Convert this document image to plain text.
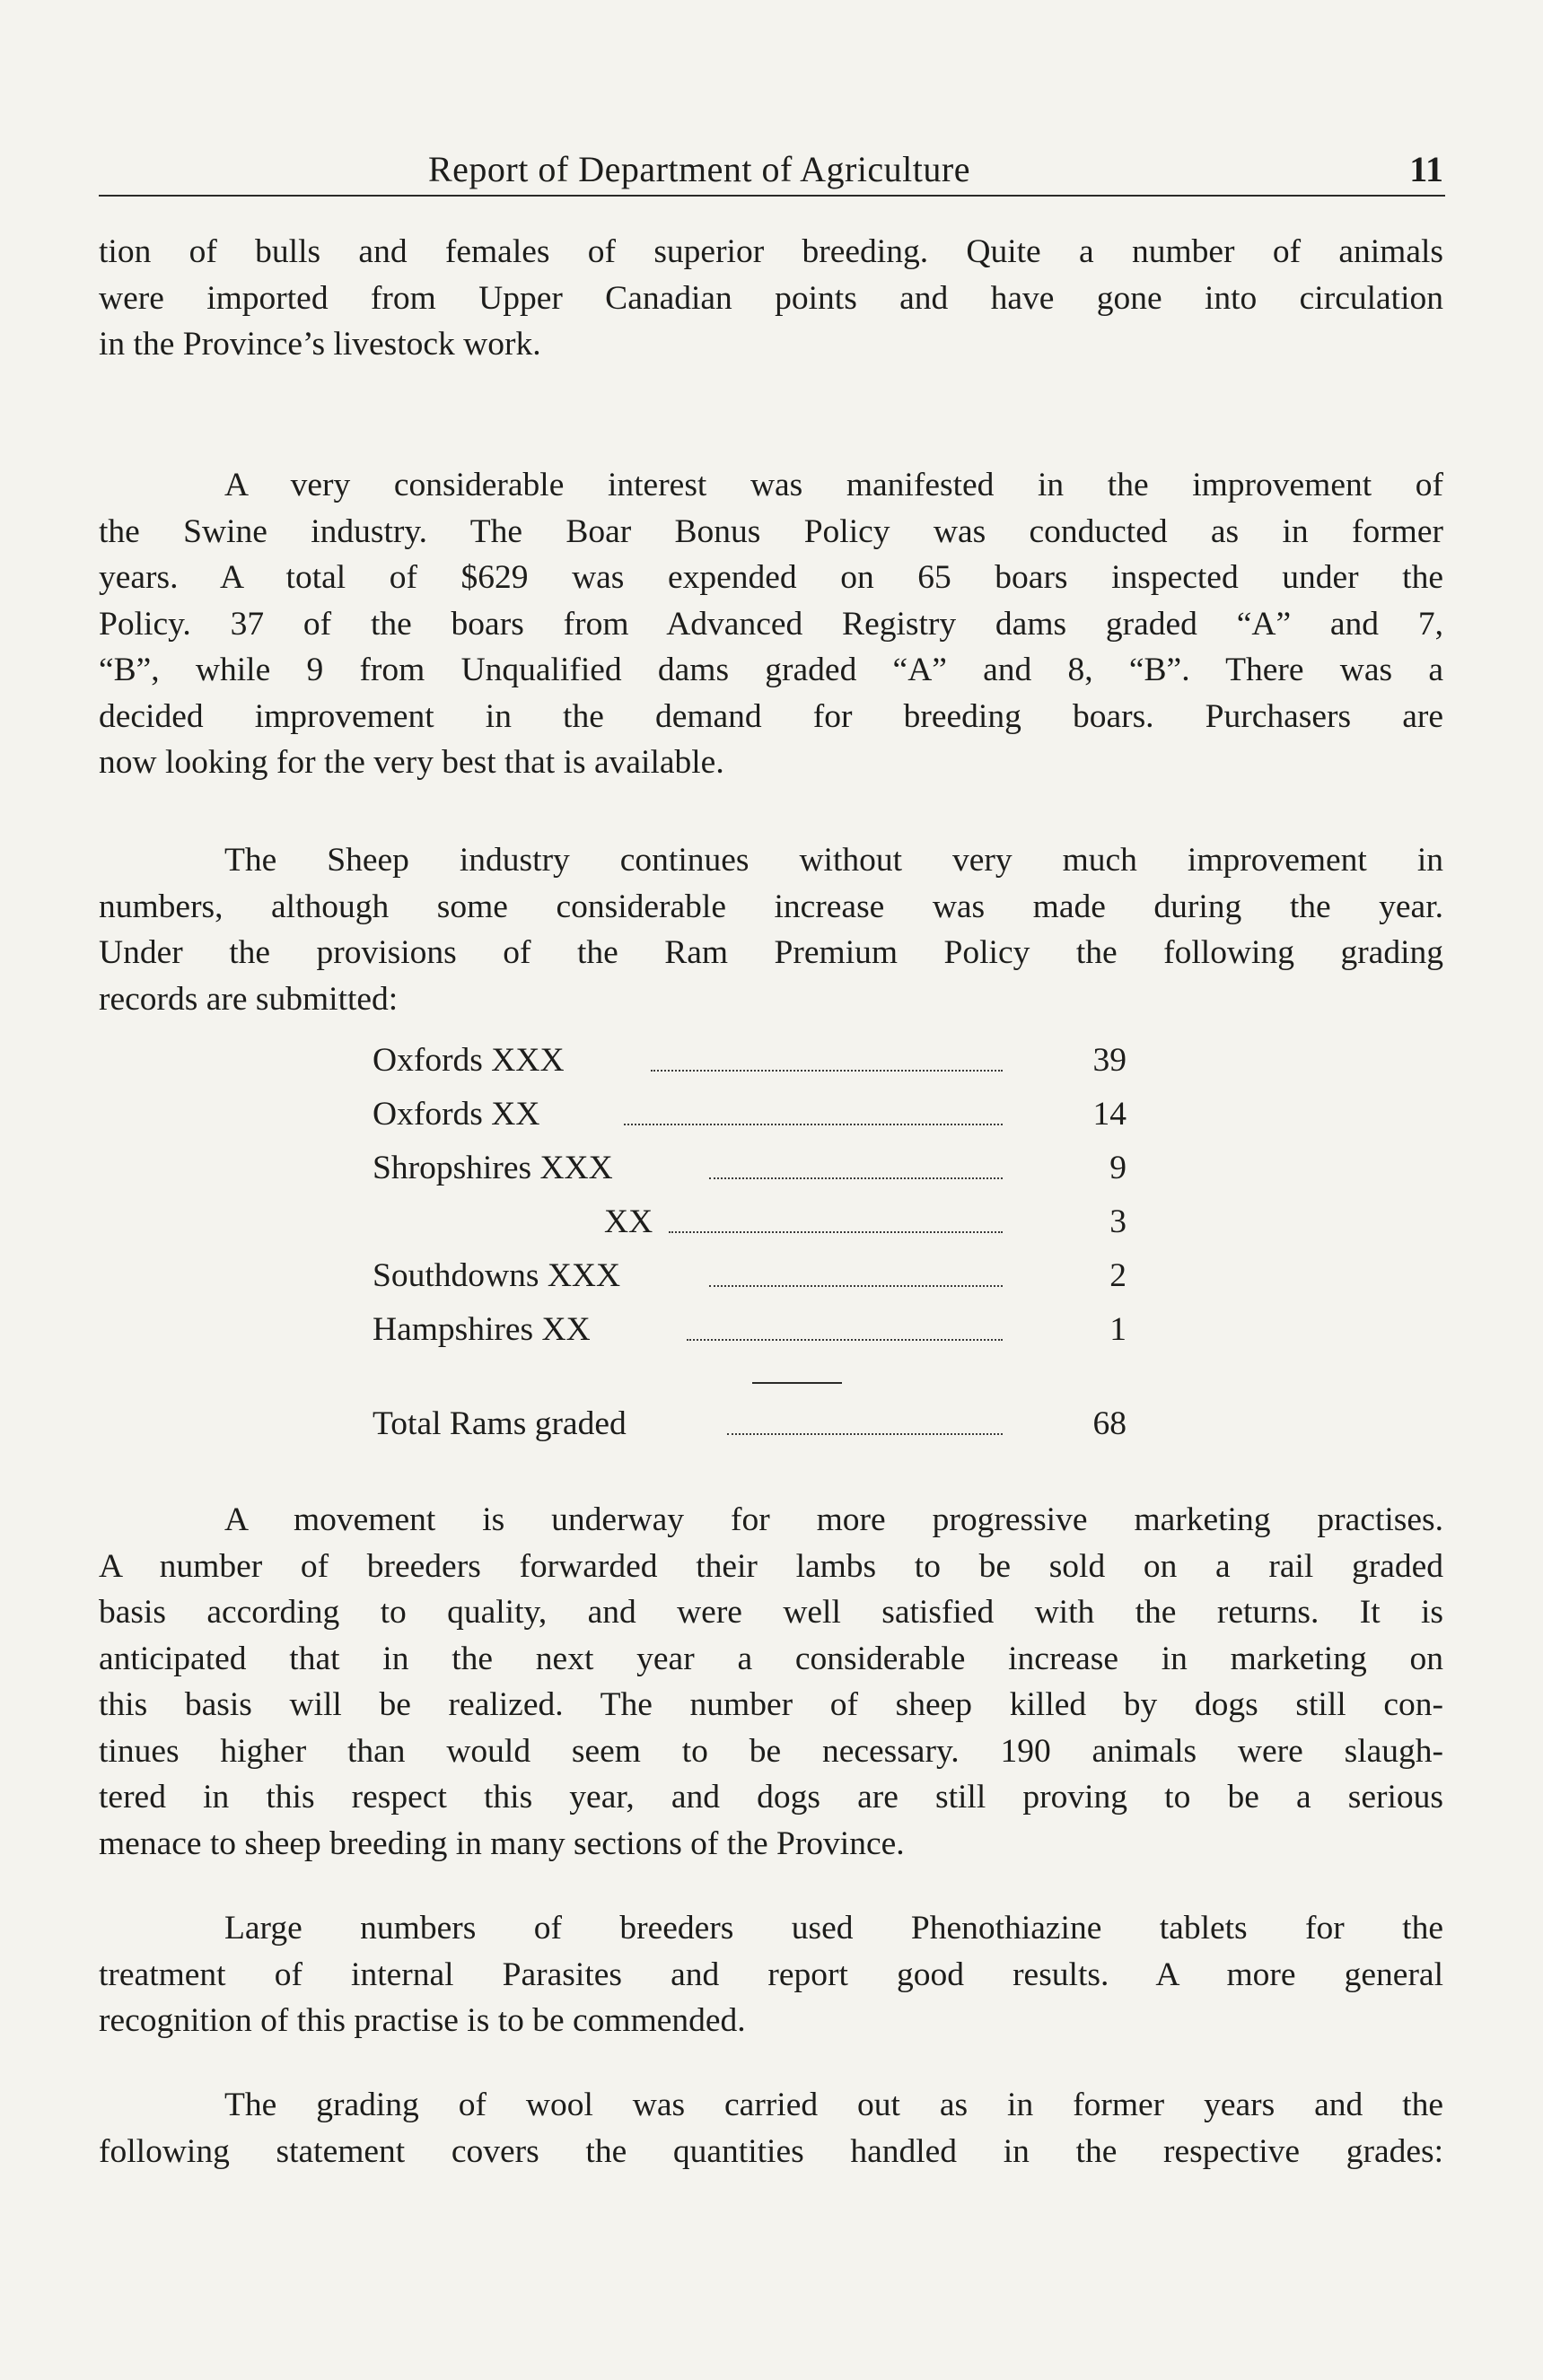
Report of Department of Agriculture	11
tion of bulls and females of superior breeding. Quite a number of animals
were imported from Upper Canadian points and have gone into circulation
in the Province’s livestock work.
A very considerable interest was manifested in the improvement of
the Swine industry. The Boar Bonus Policy was conducted as in former
years. A total of $629 was expended on 65 boars inspected under the
Policy. 37 of the boars from Advanced Registry dams graded “A” and 7,
“B”, while 9 from Unqualified dams graded “A” and 8, “B”. There was a
decided improvement in the demand for breeding boars. Purchasers are
now looking for the very best that is available.
The Sheep industry continues without very much improvement in
numbers, although some considerable increase was made during the year.
Under the provisions of the Ram Premium Policy the following grading
records are submitted:
Oxfords XXX	39
Oxfords XX	14
Shropshires XXX	9
XX	3
Southdowns XXX	2
Hampshires XX	1
Total Rams graded	68
A movement is underway for more progressive marketing practises.
A number of breeders forwarded their lambs to be sold on a rail graded
basis according to quality, and were well satisfied with the returns. It is
anticipated that in the next year a considerable increase in marketing on
this basis will be realized. The number of sheep killed by dogs still con-
tinues higher than would seem to be necessary. 190 animals were slaugh-
tered in this respect this year, and dogs are still proving to be a serious
menace to sheep breeding in many sections of the Province.
Large numbers of breeders used Phenothiazine tablets for the
treatment of internal Parasites and report good results. A more general
recognition of this practise is to be commended.
The grading of wool was carried out as in former years and the
following statement covers the quantities handled in the respective grades:
